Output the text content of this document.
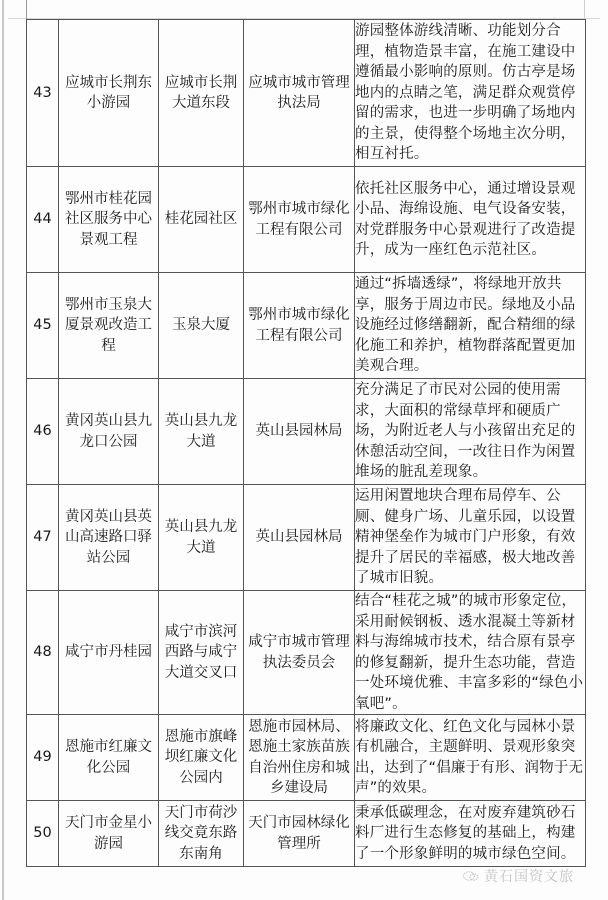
43	应城市长荆东小游园	应城市长荆大道东段	应城市城市管理执法局	游园整体游线清晰、功能划分合理，植物造景丰富，在施工建设中遵循最小影响的原则。仿古亭是场地内的点睛之笔，满足群众观赏停留的需求，也进一步明确了场地内的主景，使得整个场地主次分明，相互衬托。
44	鄂州市桂花园社区服务中心景观工程	桂花园社区	鄂州市城市绿化工程有限公司	依托社区服务中心，通过增设景观小品、海绵设施、电气设备安装，对党群服务中心景观进行了改造提升，成为一座红色示范社区。
45	鄂州市玉泉大厦景观改造工程	玉泉大厦	鄂州市城市绿化工程有限公司	通过“拆墙透绿”，将绿地开放共享，服务于周边市民。绿地及小品设施经过修缮翻新，配合精细的绿化施工和养护，植物群落配置更加美观合理。
46	黄冈英山县九龙口公园	英山县九龙大道	英山县园林局	充分满足了市民对公园的使用需求，大面积的常绿草坪和硬质广场，为附近老人与小孩留出充足的休憩活动空间，一改往日作为闲置堆场的脏乱差现象。
47	黄冈英山县英山高速路口驿站公园	英山县九龙大道	英山县园林局	运用闲置地块合理布局停车、公厕、健身广场、儿童乐园，以设置精神堡垒作为城市门户形象，有效提升了居民的幸福感，极大地改善了城市旧貌。
48	咸宁市丹桂园	咸宁市滨河西路与咸宁大道交叉口	咸宁市城市管理执法委员会	结合“桂花之城”的城市形象定位，采用耐候钢板、透水混凝土等新材料与海绵城市技术，结合原有景亭的修复翻新，提升生态功能，营造一处环境优雅、丰富多彩的“绿色小氧吧”。
49	恩施市红廉文化公园	恩施市旗峰坝红廉文化公园内	恩施市园林局、恩施土家族苗族自治州住房和城乡建设局	将廉政文化、红色文化与园林小景有机融合，主题鲜明、景观形象突出，达到了“倡廉于有形、润物于无声”的效果。
50	天门市金星小游园	天门市荷沙线交竟东路东南角	天门市园林绿化管理所	秉承低碳理念，在对废弃建筑砂石料厂进行生态修复的基础上，构建了一个形象鲜明的城市绿色空间。
黄石国资文旅
